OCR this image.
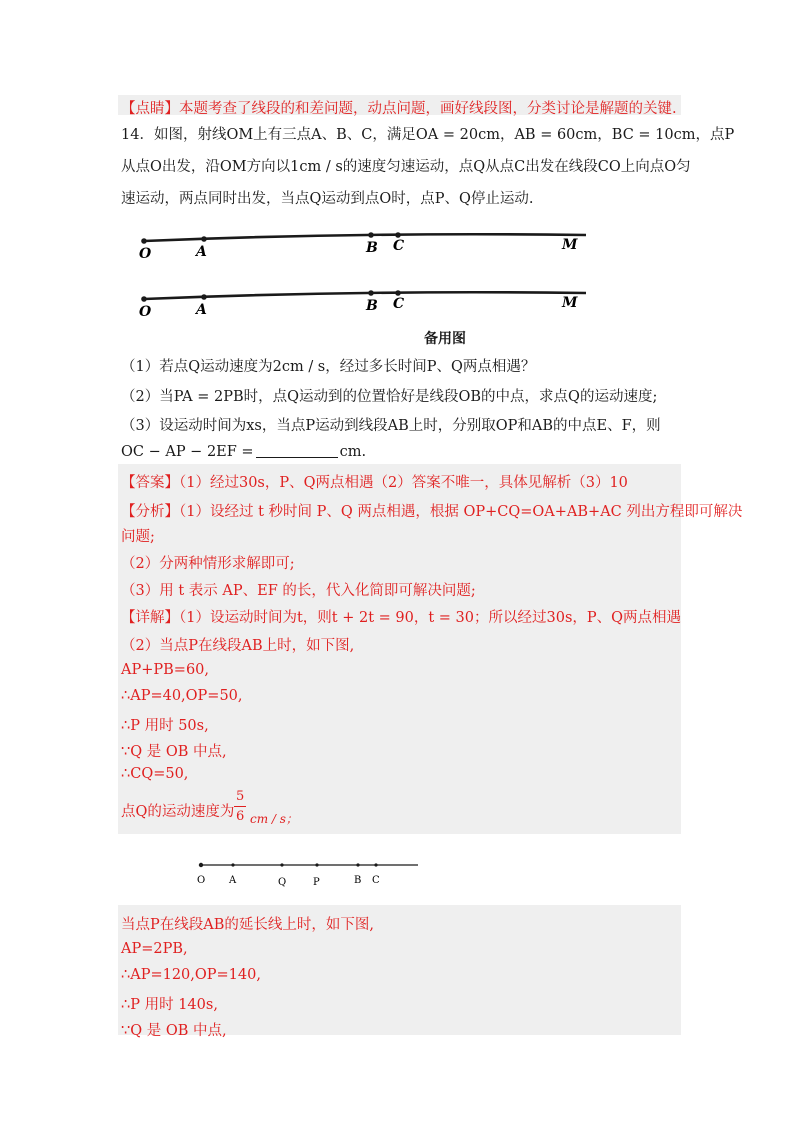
【点睛】本题考查了线段的和差问题，动点问题，画好线段图，分类讨论是解题的关键.
14．如图，射线OM上有三点A、B、C，满足OA = 20cm，AB = 60cm，BC = 10cm，点P
从点O出发，沿OM方向以1cm / s的速度匀速运动，点Q从点C出发在线段CO上向点O匀
速运动，两点同时出发，当点Q运动到点O时，点P、Q停止运动.
O	A	B C	M
O	A	B C	M
备用图
（1）若点Q运动速度为2cm / s，经过多长时间P、Q两点相遇？
（2）当PA = 2PB时，点Q运动到的位置恰好是线段OB的中点，求点Q的运动速度;
（3）设运动时间为xs，当点P运动到线段AB上时，分别取OP和AB的中点E、F，则
OC − AP − 2EF =	cm.
【答案】（1）经过30s，P、Q两点相遇（2）答案不唯一，具体见解析（3）10
【分析】（1）设经过 t 秒时间 P、Q 两点相遇，根据 OP+CQ=OA+AB+AC 列出方程即可解决
问题;
（2）分两种情形求解即可;
（3）用 t 表示 AP、EF 的长，代入化简即可解决问题;
【详解】（1）设运动时间为t，则t + 2t = 90，t = 30；所以经过30s，P、Q两点相遇
（2）当点P在线段AB上时，如下图,
AP+PB=60,
∴AP=40,OP=50,
∴P 用时 50s,
∵Q 是 OB 中点,
∴CQ=50,
点Q的运动速度为
5
6 cm / s；
O A	Q	P	B C
当点P在线段AB的延长线上时，如下图,
AP=2PB,
∴AP=120,OP=140,
∴P 用时 140s,
∵Q 是 OB 中点,
